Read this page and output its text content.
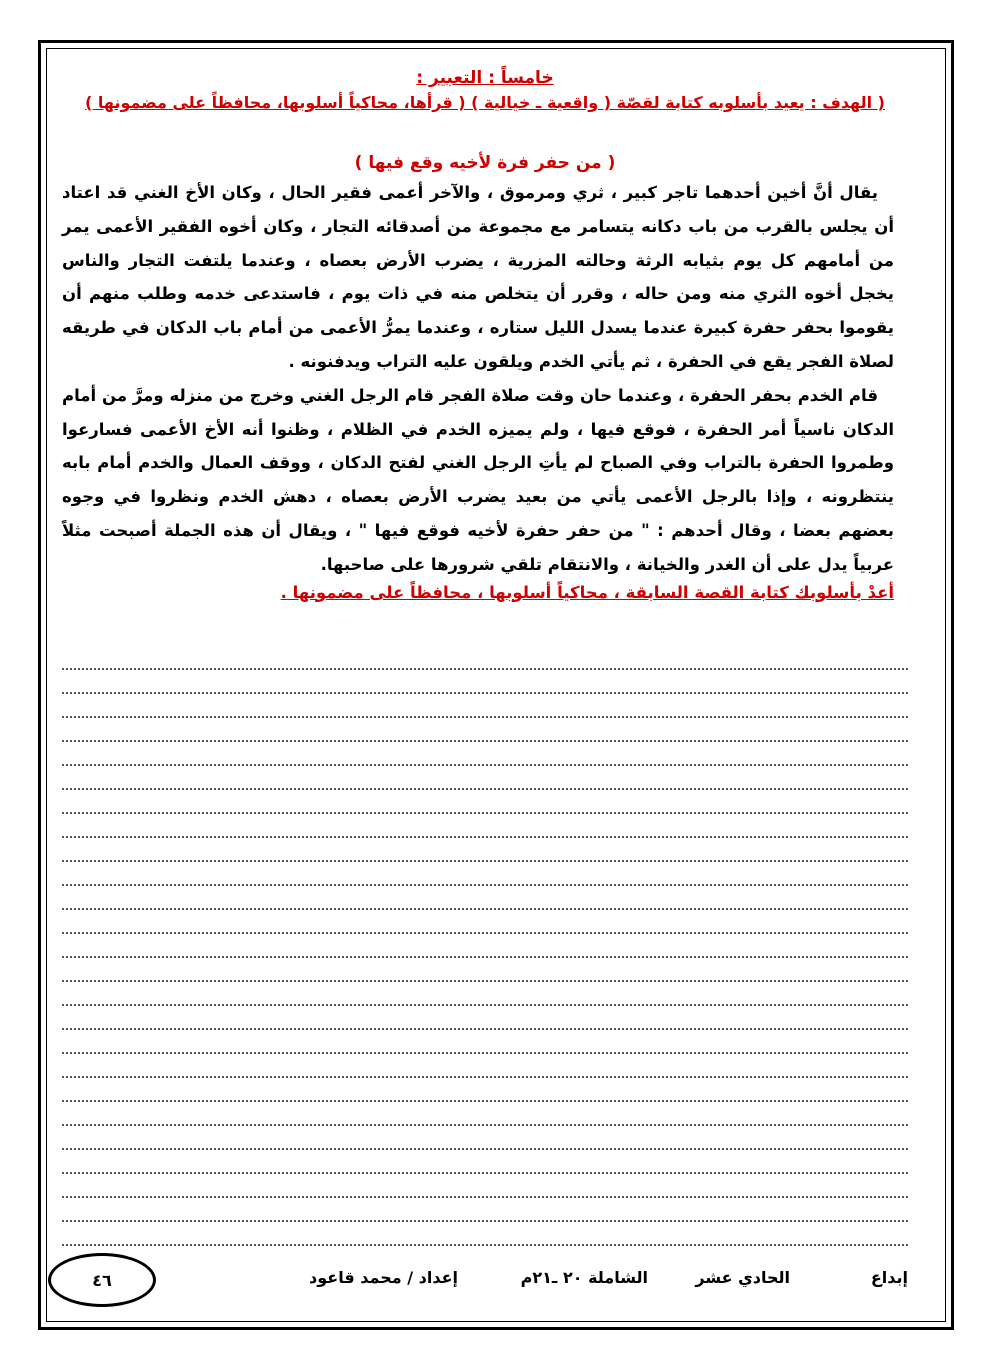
خامساً : التعبير :
( الهدف : يعيد بأسلوبه كتابة لقصّة ( واقعية ـ خيالية ) ( قرأها، محاكياً أسلوبها، محافظاً على مضمونها )
( من حفر فرة لأخيه وقع فيها )

يقال أنَّ أخين أحدهما تاجر كبير ، ثري ومرموق ، والآخر أعمى فقير الحال ، وكان الأخ الغني قد اعتاد أن يجلس بالقرب من باب دكانه يتسامر مع مجموعة من أصدقائه التجار ، وكان أخوه الفقير الأعمى يمر من أمامهم كل يوم بثيابه الرثة وحالته المزرية ، يضرب الأرض بعصاه ، وعندما يلتفت التجار والناس يخجل أخوه الثري منه ومن حاله ، وقرر أن يتخلص منه في ذات يوم ، فاستدعى خدمه وطلب منهم أن يقوموا بحفر حفرة كبيرة عندما يسدل الليل ستاره ، وعندما يمرُّ الأعمى من أمام باب الدكان في طريقه لصلاة الفجر يقع في الحفرة ، ثم يأتي الخدم ويلقون عليه التراب ويدفنونه .

قام الخدم بحفر الحفرة ، وعندما حان وقت صلاة الفجر قام الرجل الغني وخرج من منزله ومرَّ من أمام الدكان ناسياً أمر الحفرة ، فوقع فيها ، ولم يميزه الخدم في الظلام ، وظنوا أنه الأخ الأعمى فسارعوا وطمروا الحفرة بالتراب وفي الصباح لم يأتِ الرجل الغني لفتح الدكان ، ووقف العمال والخدم أمام بابه ينتظرونه ، وإذا بالرجل الأعمى يأتي من بعيد يضرب الأرض بعصاه ، دهش الخدم ونظروا في وجوه بعضهم بعضا ، وقال أحدهم : " من حفر حفرة لأخيه فوقع فيها " ، ويقال أن هذه الجملة أصبحت مثلاً عربياً يدل على أن الغدر والخيانة ، والانتقام تلقي شرورها على صاحبها.

أعدْ بأسلوبك كتابة القصة السابقة ، محاكياً أسلوبها ، محافظاً على مضمونها .
إبداع
الحادي عشر
الشاملة ٢٠ ـ٢١م
إعداد / محمد قاعود
٤٦
